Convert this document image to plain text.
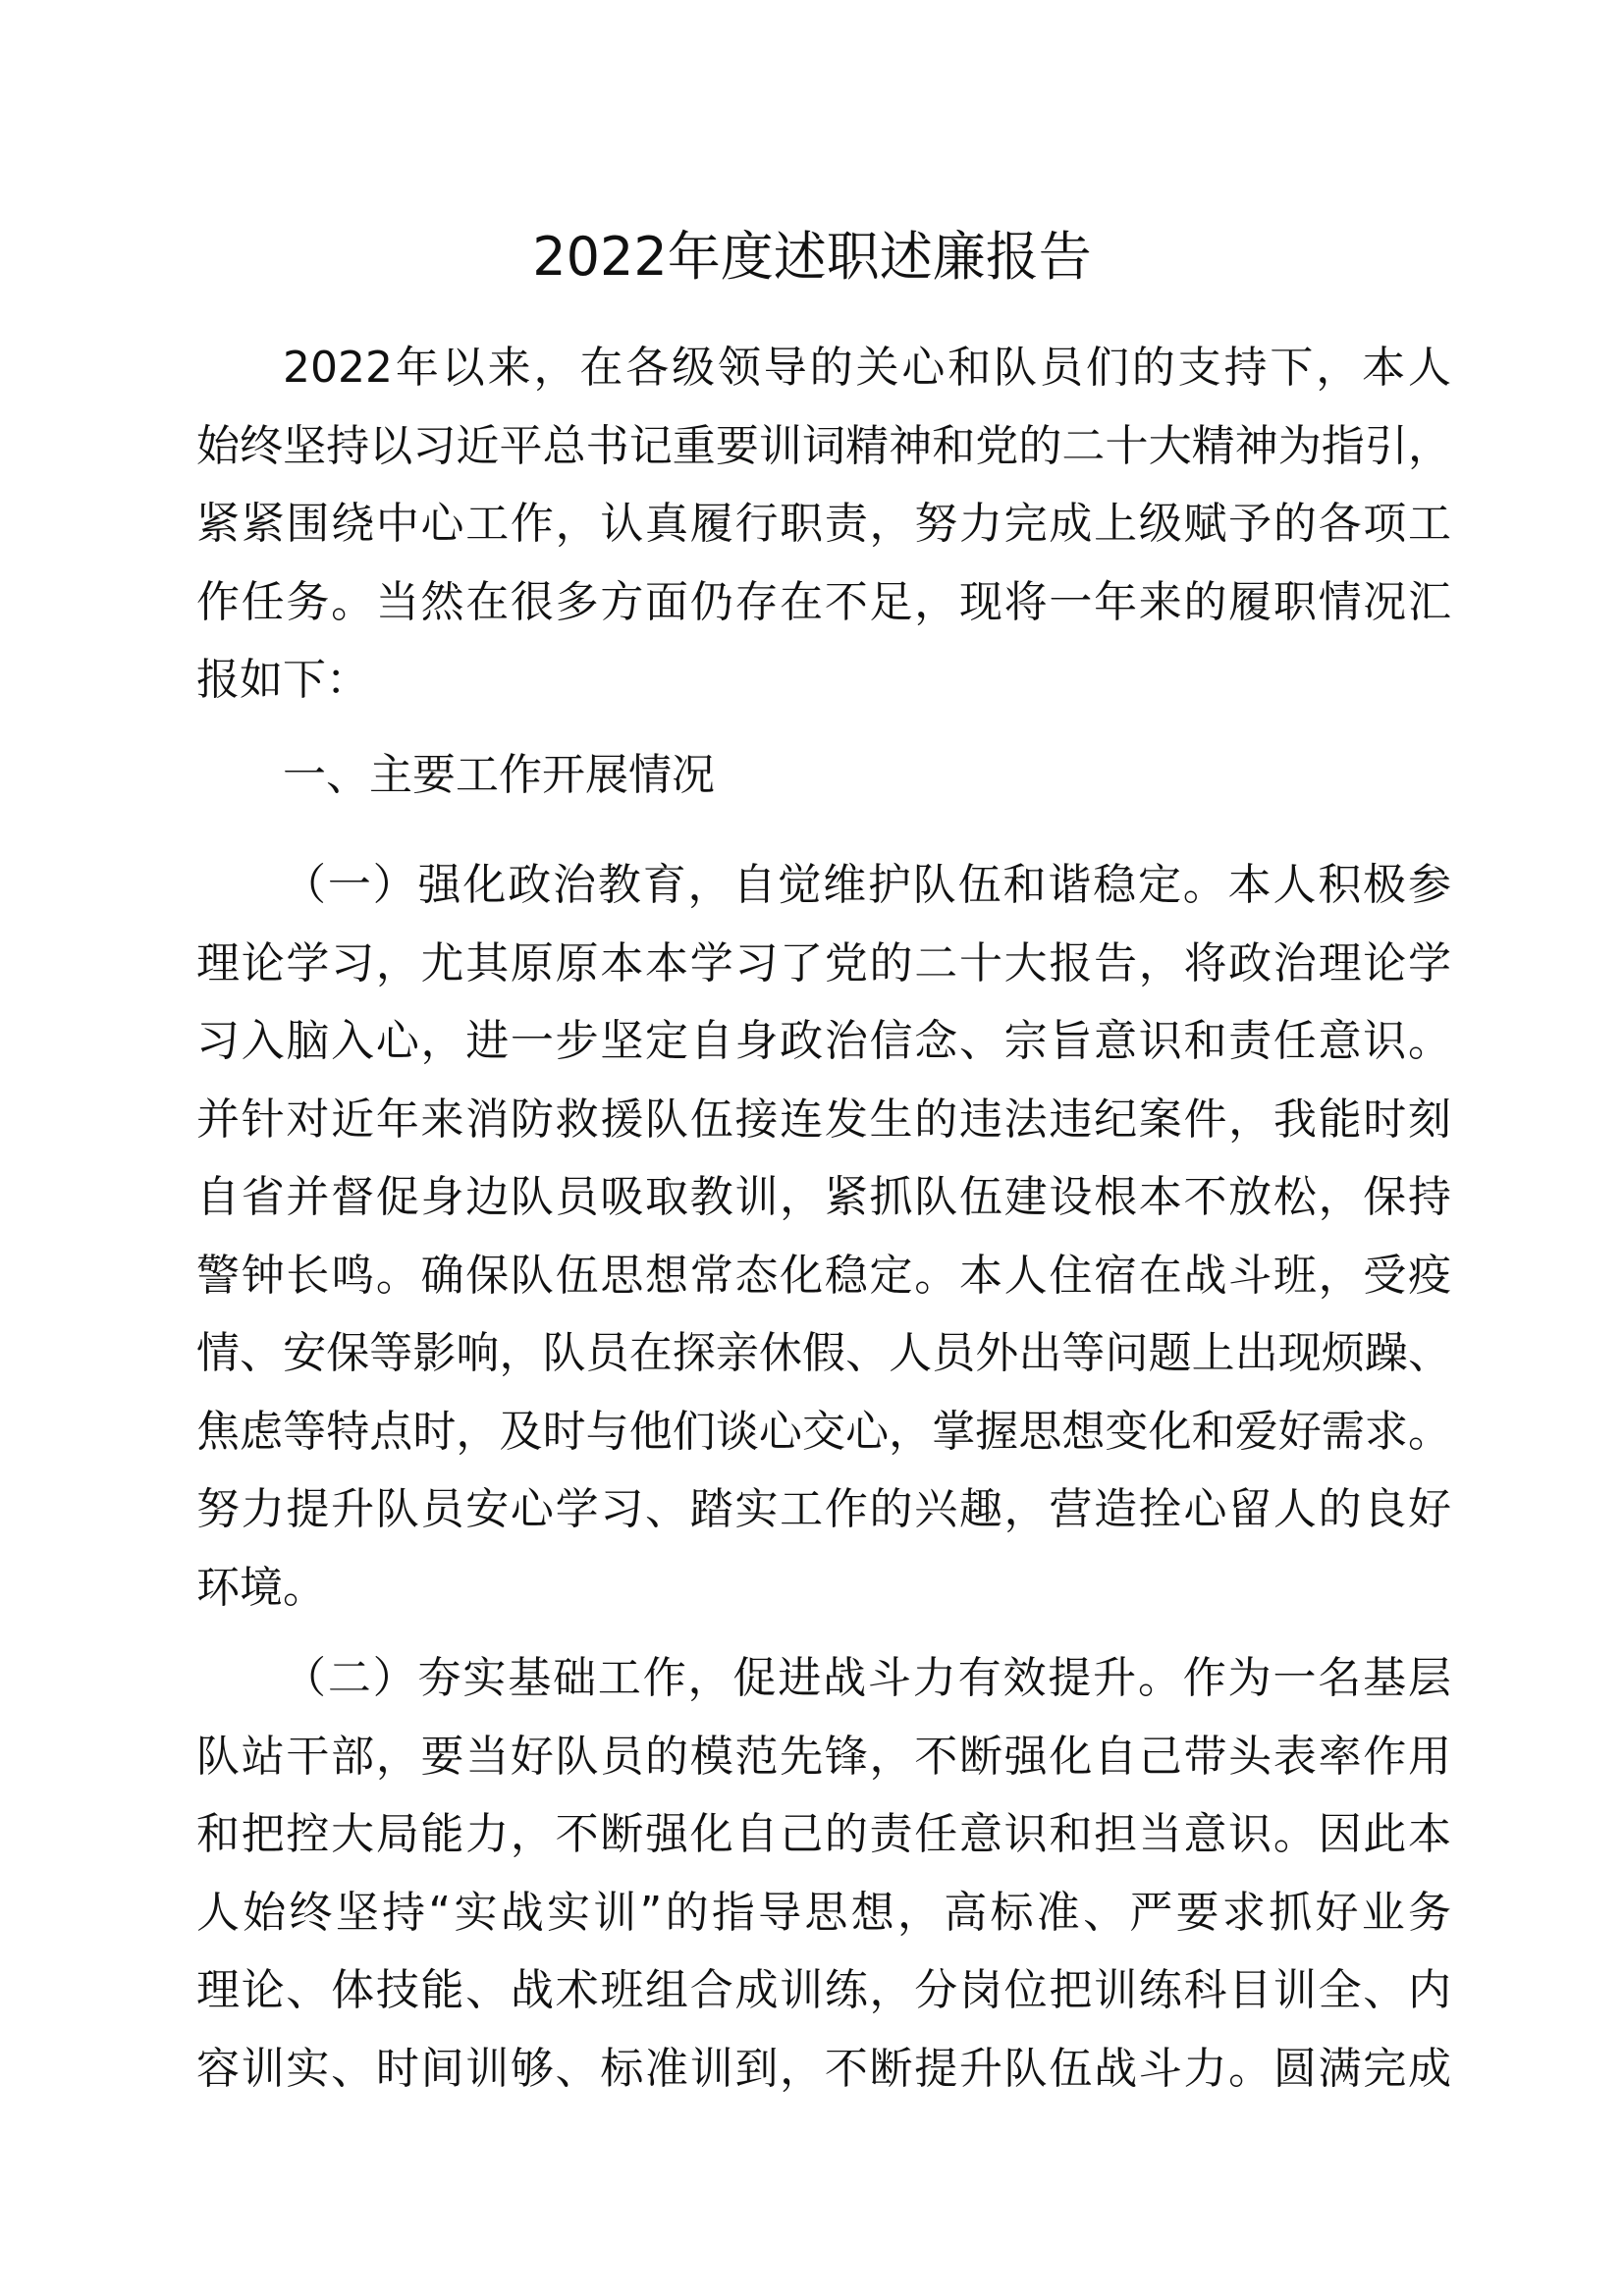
2022年度述职述廉报告
2022年以来，在各级领导的关心和队员们的支持下，本人
始终坚持以习近平总书记重要训词精神和党的二十大精神为指引，
紧紧围绕中心工作，认真履行职责，努力完成上级赋予的各项工
作任务。当然在很多方面仍存在不足，现将一年来的履职情况汇
报如下：
一、主要工作开展情况
（一）强化政治教育，自觉维护队伍和谐稳定。本人积极参
理论学习，尤其原原本本学习了党的二十大报告，将政治理论学
习入脑入心，进一步坚定自身政治信念、宗旨意识和责任意识。
并针对近年来消防救援队伍接连发生的违法违纪案件，我能时刻
自省并督促身边队员吸取教训，紧抓队伍建设根本不放松，保持
警钟长鸣。确保队伍思想常态化稳定。本人住宿在战斗班，受疫
情、安保等影响，队员在探亲休假、人员外出等问题上出现烦躁、
焦虑等特点时，及时与他们谈心交心，掌握思想变化和爱好需求。
努力提升队员安心学习、踏实工作的兴趣，营造拴心留人的良好
环境。
（二）夯实基础工作，促进战斗力有效提升。作为一名基层
队站干部，要当好队员的模范先锋，不断强化自己带头表率作用
和把控大局能力，不断强化自己的责任意识和担当意识。因此本
人始终坚持“实战实训”的指导思想，高标准、严要求抓好业务
理论、体技能、战术班组合成训练，分岗位把训练科目训全、内
容训实、时间训够、标准训到，不断提升队伍战斗力。圆满完成
